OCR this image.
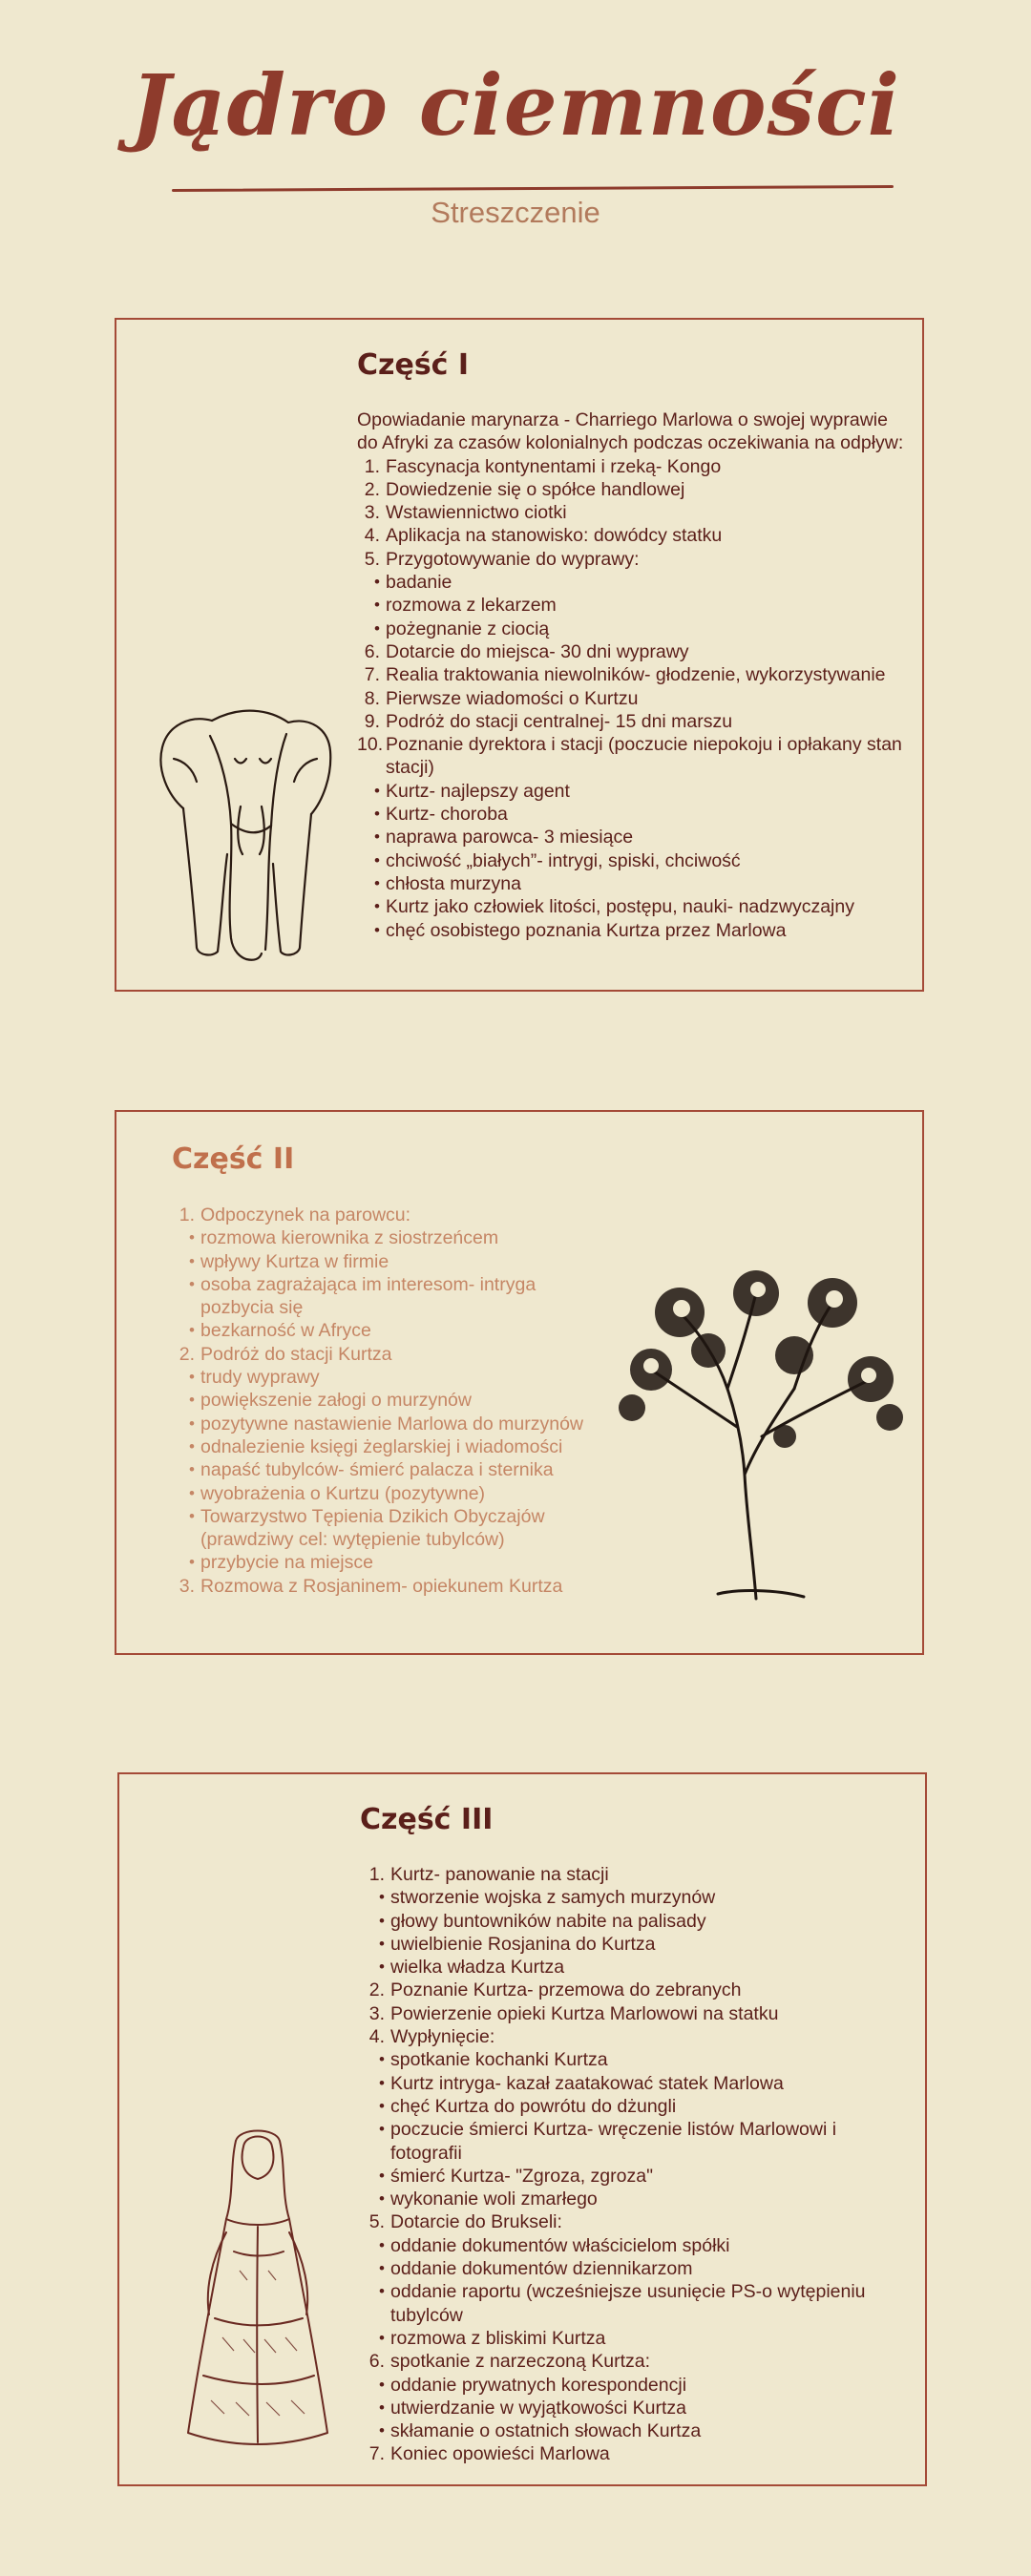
Jądro ciemności
Streszczenie
Część I

Opowiadanie marynarza - Charriego Marlowa o swojej wyprawie do Afryki za czasów kolonialnych podczas oczekiwania na odpływ:

1. Fascynacja kontynentami i rzeką- Kongo
2. Dowiedzenie się o spółce handlowej
3. Wstawiennictwo ciotki
4. Aplikacja na stanowisko: dowódcy statku
5. Przygotowywanie do wyprawy:
• badanie
• rozmowa z lekarzem
• pożegnanie z ciocią
6. Dotarcie do miejsca- 30 dni wyprawy
7. Realia traktowania niewolników- głodzenie, wykorzystywanie
8. Pierwsze wiadomości o Kurtzu
9. Podróż do stacji centralnej- 15 dni marszu
10. Poznanie dyrektora i stacji (poczucie niepokoju i opłakany stan stacji)
• Kurtz- najlepszy agent
• Kurtz- choroba
• naprawa parowca- 3 miesiące
• chciwość „białych”- intrygi, spiski, chciwość
• chłosta murzyna
• Kurtz jako człowiek litości, postępu, nauki- nadzwyczajny
• chęć osobistego poznania Kurtza przez Marlowa
Część II
1. Odpoczynek na parowcu:
• rozmowa kierownika z siostrzeńcem
• wpływy Kurtza w firmie
• osoba zagrażająca im interesom- intryga pozbycia się
• bezkarność w Afryce
2. Podróż do stacji Kurtza
• trudy wyprawy
• powiększenie załogi o murzynów
• pozytywne nastawienie Marlowa do murzynów
• odnalezienie księgi żeglarskiej i wiadomości
• napaść tubylców- śmierć palacza i sternika
• wyobrażenia o Kurtzu (pozytywne)
• Towarzystwo Tępienia Dzikich Obyczajów (prawdziwy cel: wytępienie tubylców)
• przybycie na miejsce
3. Rozmowa z Rosjaninem- opiekunem Kurtza
Część III
1. Kurtz- panowanie na stacji
• stworzenie wojska z samych murzynów
• głowy buntowników nabite na palisady
• uwielbienie Rosjanina do Kurtza
• wielka władza Kurtza
2. Poznanie Kurtza- przemowa do zebranych
3. Powierzenie opieki Kurtza Marlowowi na statku
4. Wypłynięcie:
• spotkanie kochanki Kurtza
• Kurtz intryga- kazał zaatakować statek Marlowa
• chęć Kurtza do powrótu do dżungli
• poczucie śmierci Kurtza- wręczenie listów Marlowowi i fotografii
• śmierć Kurtza- "Zgroza, zgroza"
• wykonanie woli zmarłego
5. Dotarcie do Brukseli:
• oddanie dokumentów właścicielom spółki
• oddanie dokumentów dziennikarzom
• oddanie raportu (wcześniejsze usunięcie PS-o wytępieniu tubylców
• rozmowa z bliskimi Kurtza
6. spotkanie z narzeczoną Kurtza:
• oddanie prywatnych korespondencji
• utwierdzanie w wyjątkowości Kurtza
• skłamanie o ostatnich słowach Kurtza
7. Koniec opowieści Marlowa
